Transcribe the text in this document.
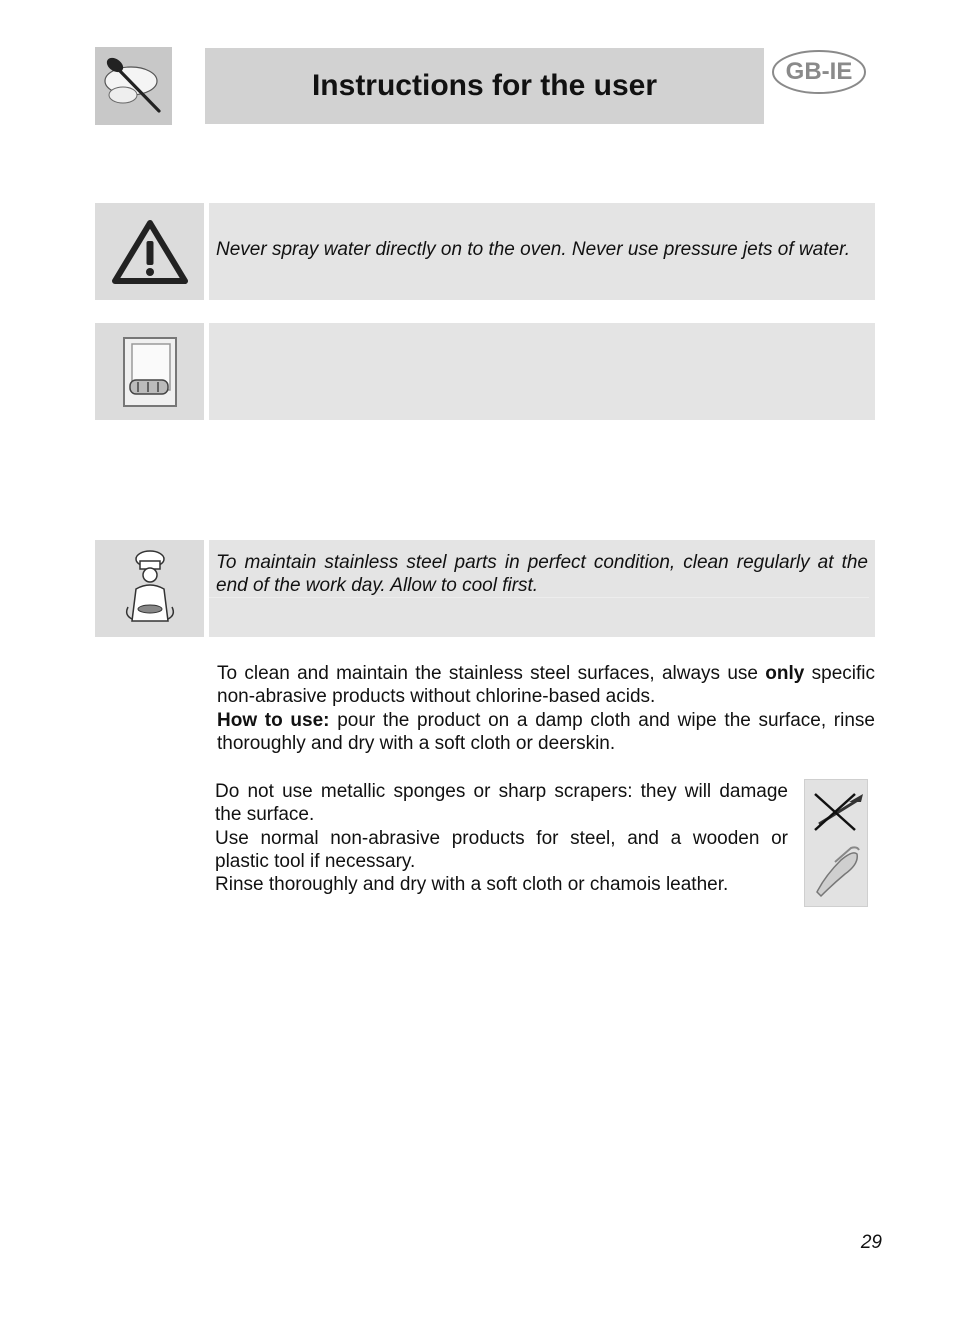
Instructions for the user	GB-IE
Never spray water directly on to the oven. Never use pressure jets of water.
To maintain stainless steel parts in perfect condition, clean regularly at the end of the work day. Allow to cool first.

To clean and maintain the stainless steel surfaces, always use only specific non-abrasive products without chlorine-based acids.

How to use: pour the product on a damp cloth and wipe the surface, rinse thoroughly and dry with a soft cloth or deerskin.

Do not use metallic sponges or sharp scrapers: they will damage the surface.

Use normal non-abrasive products for steel, and a wooden or plastic tool if necessary.

Rinse thoroughly and dry with a soft cloth or chamois leather.

29
